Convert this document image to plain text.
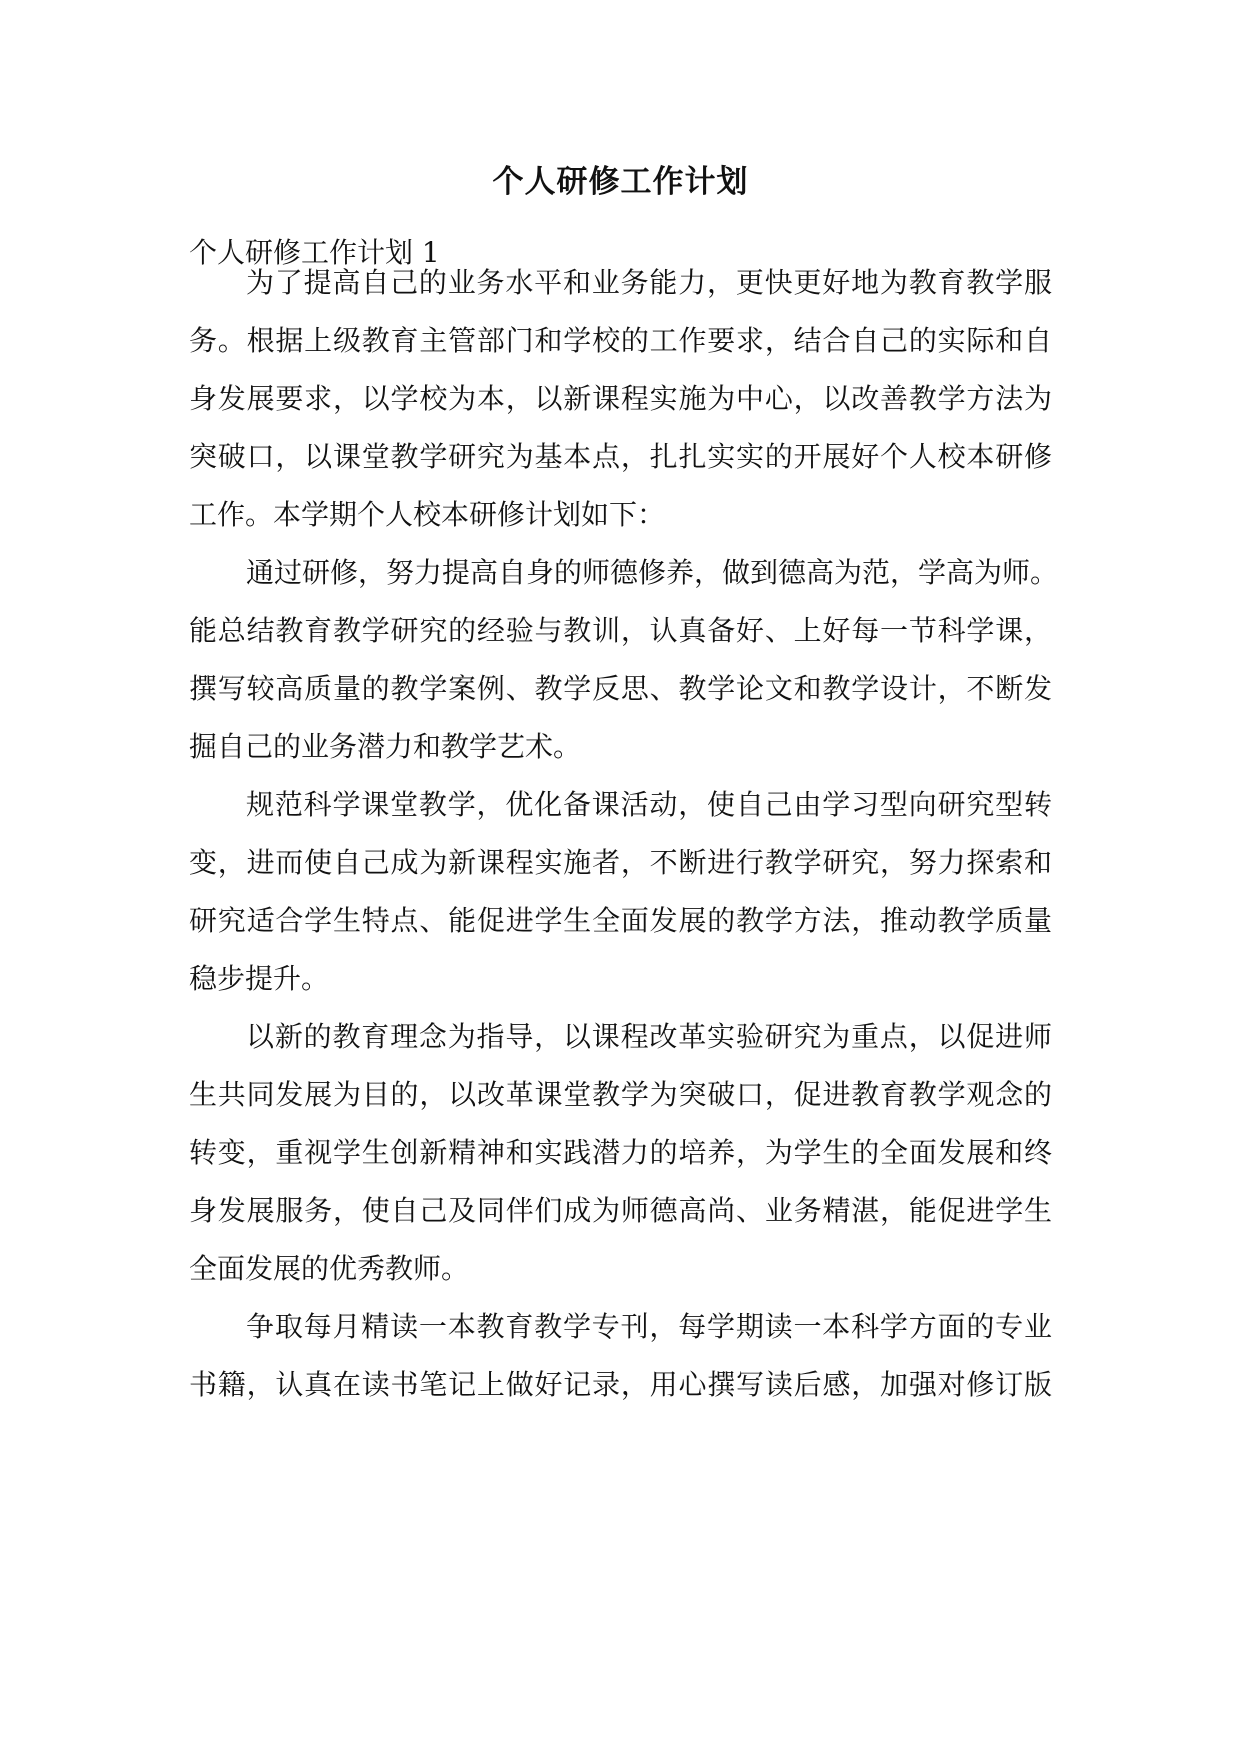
个人研修工作计划
个人研修工作计划 1
为了提高自己的业务水平和业务能力，更快更好地为教育教学服
务。根据上级教育主管部门和学校的工作要求，结合自己的实际和自
身发展要求，以学校为本，以新课程实施为中心，以改善教学方法为
突破口，以课堂教学研究为基本点，扎扎实实的开展好个人校本研修
工作。本学期个人校本研修计划如下：
通过研修，努力提高自身的师德修养，做到德高为范，学高为师。
能总结教育教学研究的经验与教训，认真备好、上好每一节科学课，
撰写较高质量的教学案例、教学反思、教学论文和教学设计，不断发
掘自己的业务潜力和教学艺术。
规范科学课堂教学，优化备课活动，使自己由学习型向研究型转
变，进而使自己成为新课程实施者，不断进行教学研究，努力探索和
研究适合学生特点、能促进学生全面发展的教学方法，推动教学质量
稳步提升。
以新的教育理念为指导，以课程改革实验研究为重点，以促进师
生共同发展为目的，以改革课堂教学为突破口，促进教育教学观念的
转变，重视学生创新精神和实践潜力的培养，为学生的全面发展和终
身发展服务，使自己及同伴们成为师德高尚、业务精湛，能促进学生
全面发展的优秀教师。
争取每月精读一本教育教学专刊，每学期读一本科学方面的专业
书籍，认真在读书笔记上做好记录，用心撰写读后感，加强对修订版
